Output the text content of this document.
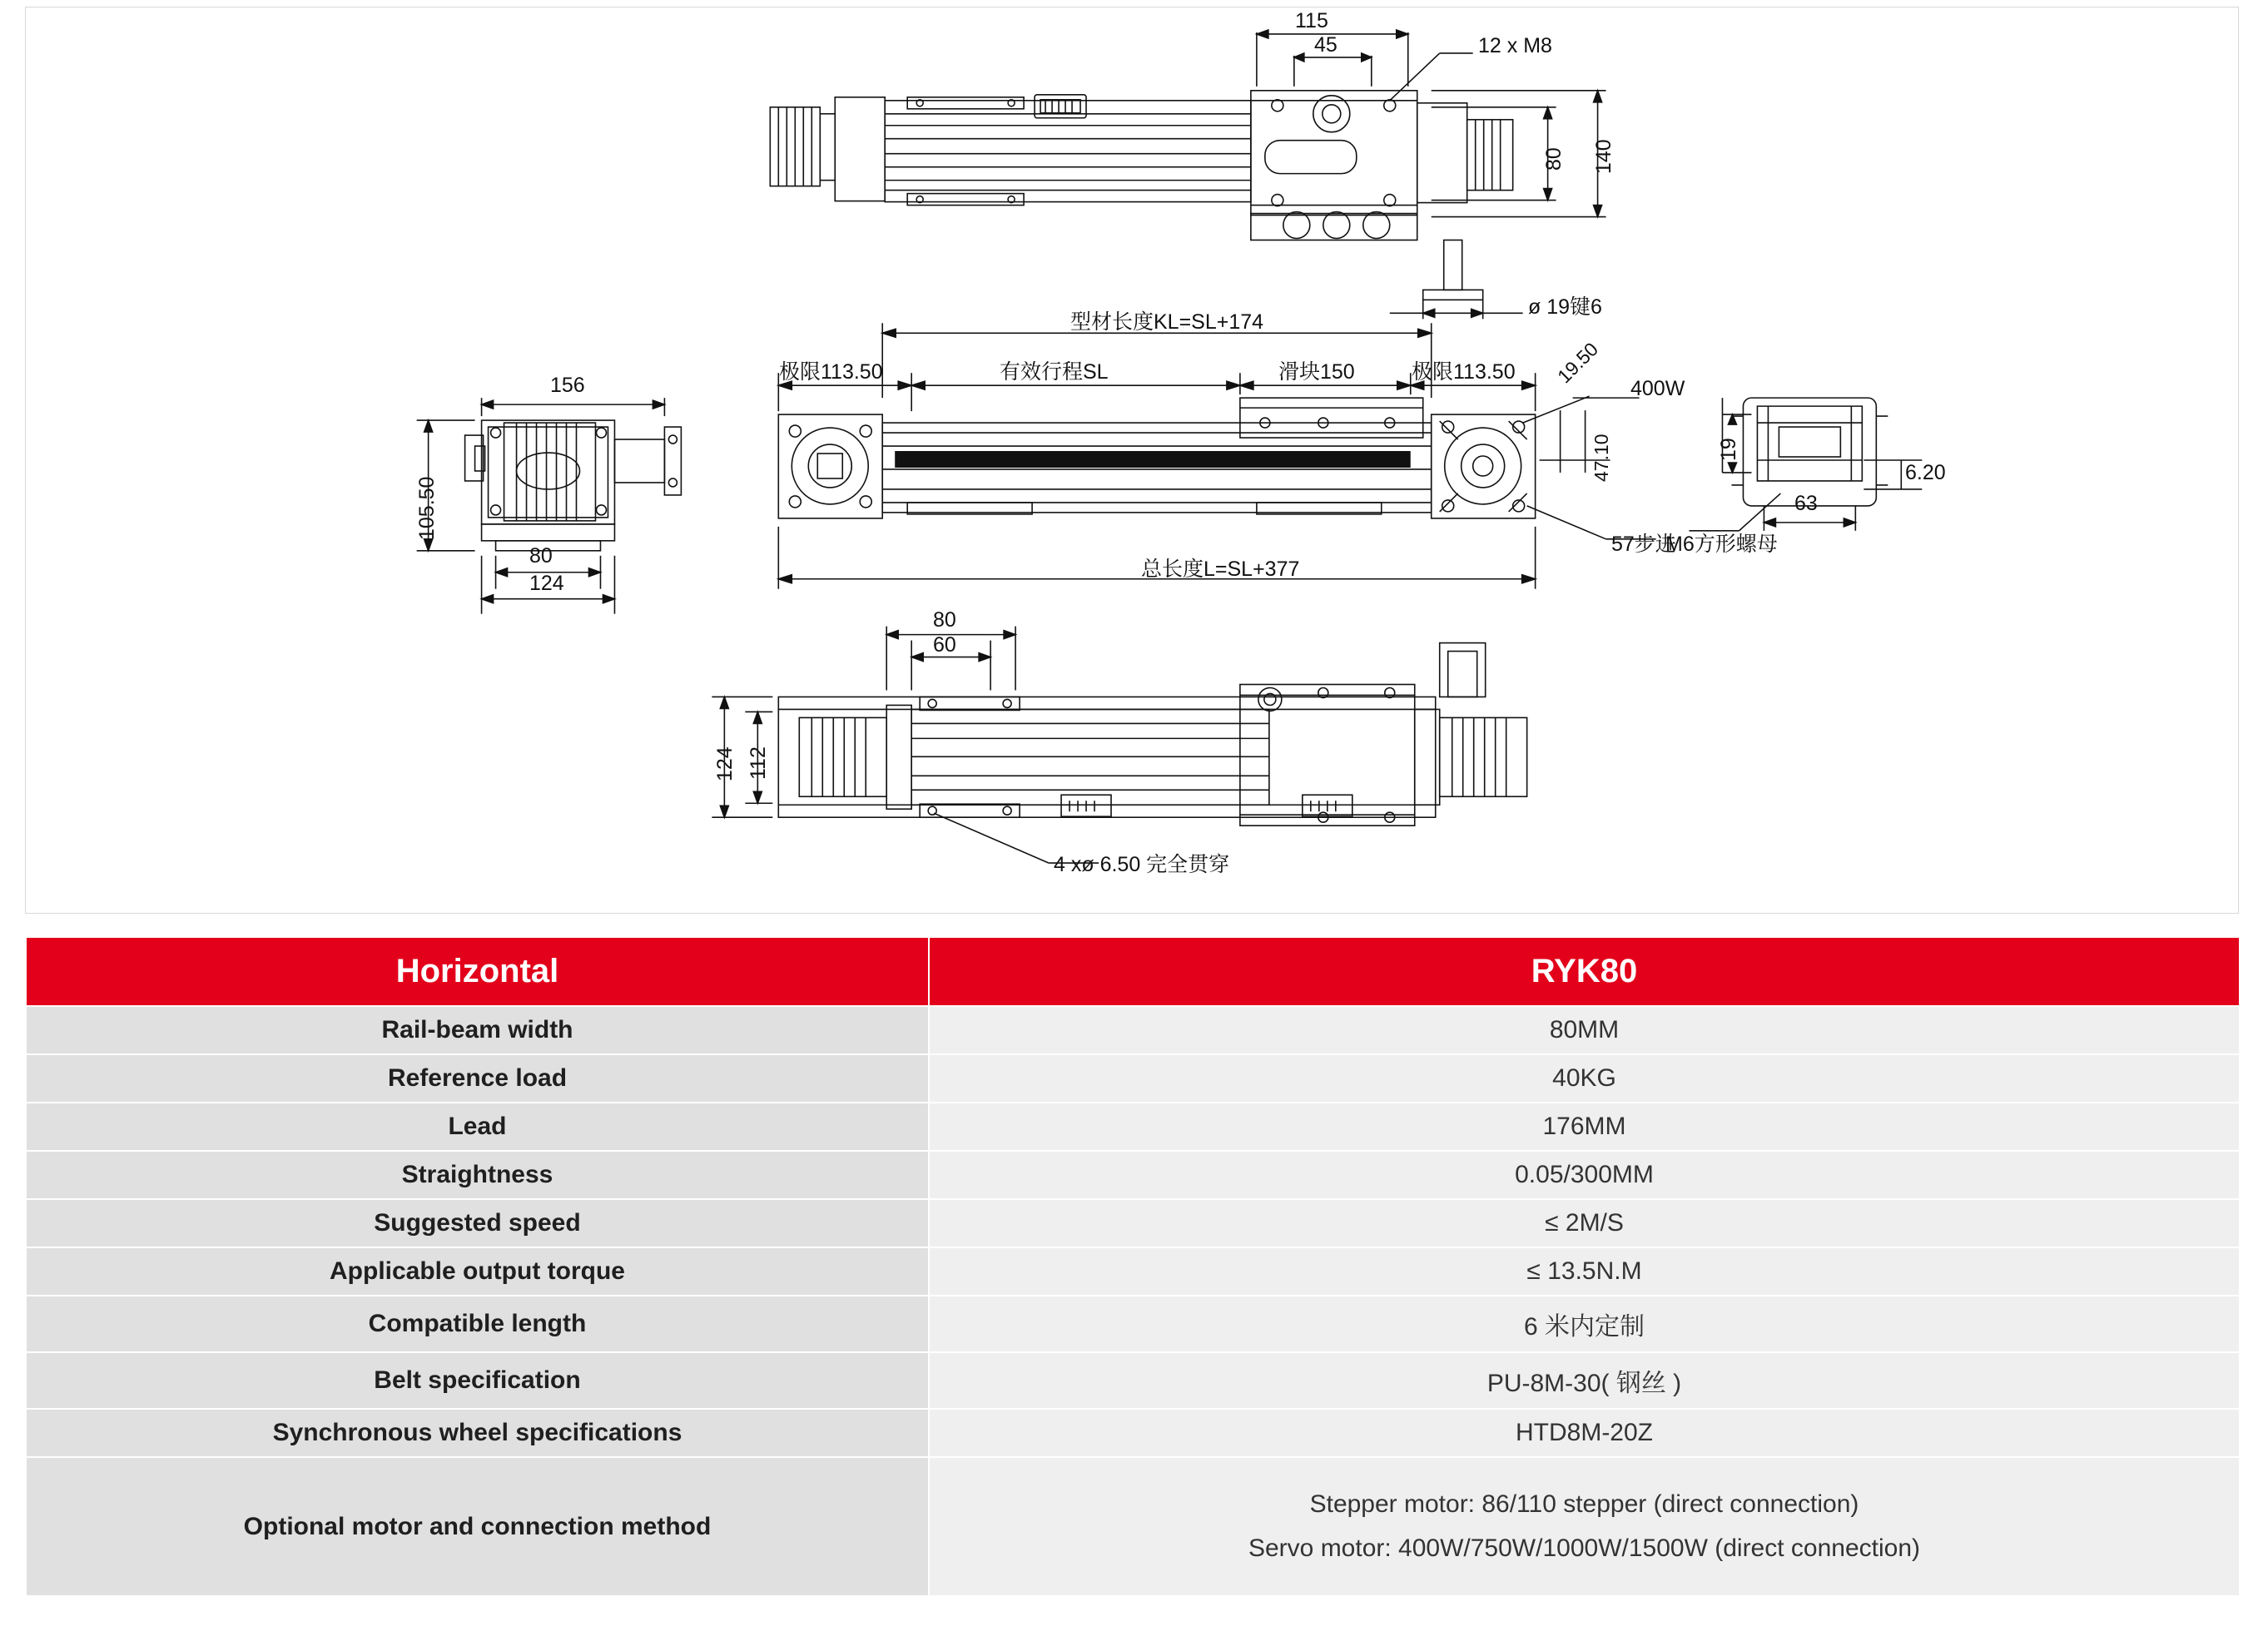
115
45	12 x M8
80 140
ø 19键6
156
105.50
80
124
型材长度KL=SL+174
极限113.50	有效行程SL	滑块150	极限113.50
总长度L=SL+377
19.50
47.10
400W
57步进
19
6.20
63
M6方形螺母
80
60
124 112
4 xø 6.50 完全贯穿
Horizontal	RYK80
Rail-beam width	80MM
Reference load	40KG
Lead	176MM
Straightness	0.05/300MM
Suggested speed	≤ 2M/S
Applicable output torque	≤ 13.5N.M
Compatible length	6 米内定制
Belt specification	PU-8M-30( 钢丝 )
Synchronous wheel specifications	HTD8M-20Z
Optional motor and connection method	Stepper motor: 86/110 stepper (direct connection)
Servo motor: 400W/750W/1000W/1500W (direct connection)
